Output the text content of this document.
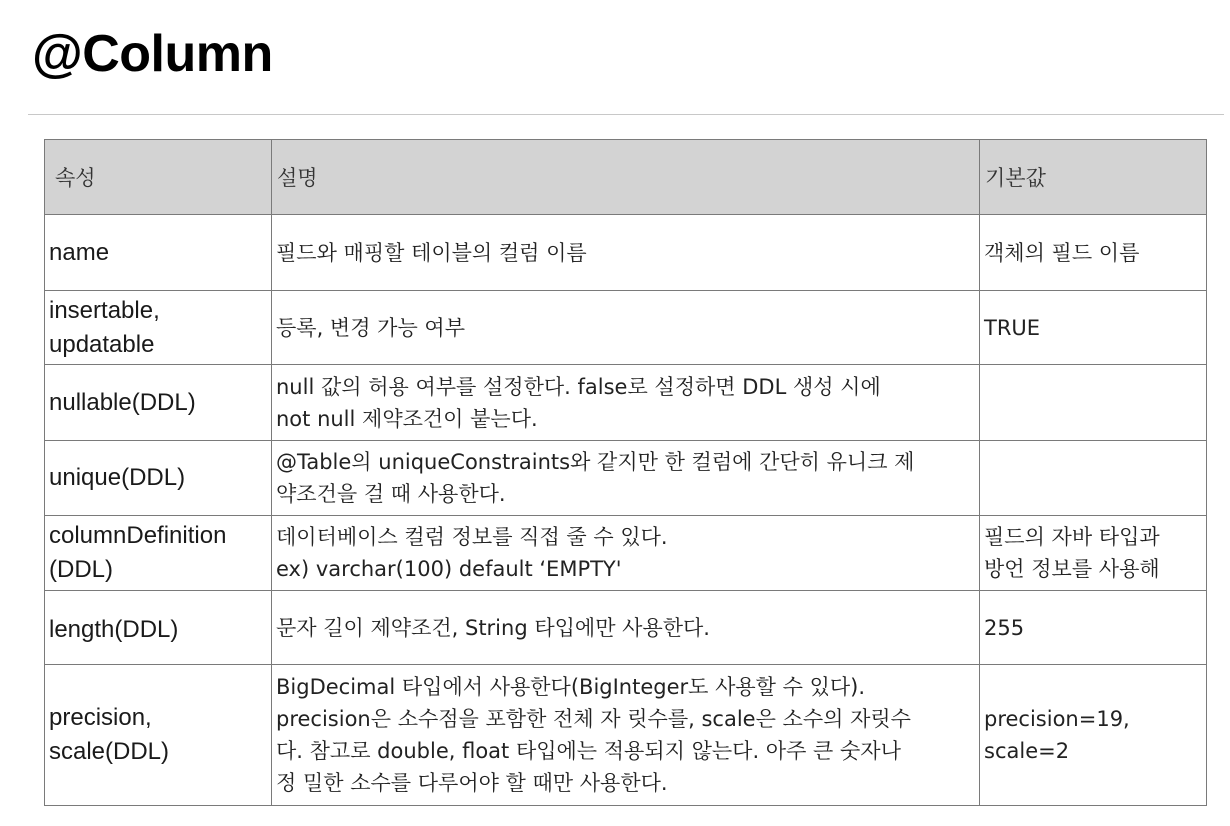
@Column
속성	설명	기본값

name	필드와 매핑할 테이블의 컬럼 이름	객체의 필드 이름

insertable,
updatable	등록, 변경 가능 여부	TRUE

nullable(DDL)	null 값의 허용 여부를 설정한다. false로 설정하면 DDL 생성 시에
not null 제약조건이 붙는다.	

unique(DDL)	@Table의 uniqueConstraints와 같지만 한 컬럼에 간단히 유니크 제
약조건을 걸 때 사용한다.	

columnDefinition
(DDL)	데이터베이스 컬럼 정보를 직접 줄 수 있다.
ex) varchar(100) default ‘EMPTY'	필드의 자바 타입과
방언 정보를 사용해

length(DDL)	문자 길이 제약조건, String 타입에만 사용한다.	255

precision,
scale(DDL)	BigDecimal 타입에서 사용한다(BigInteger도 사용할 수 있다).
precision은 소수점을 포함한 전체 자 릿수를, scale은 소수의 자릿수
다. 참고로 double, float 타입에는 적용되지 않는다. 아주 큰 숫자나
정 밀한 소수를 다루어야 할 때만 사용한다.	precision=19,
scale=2
